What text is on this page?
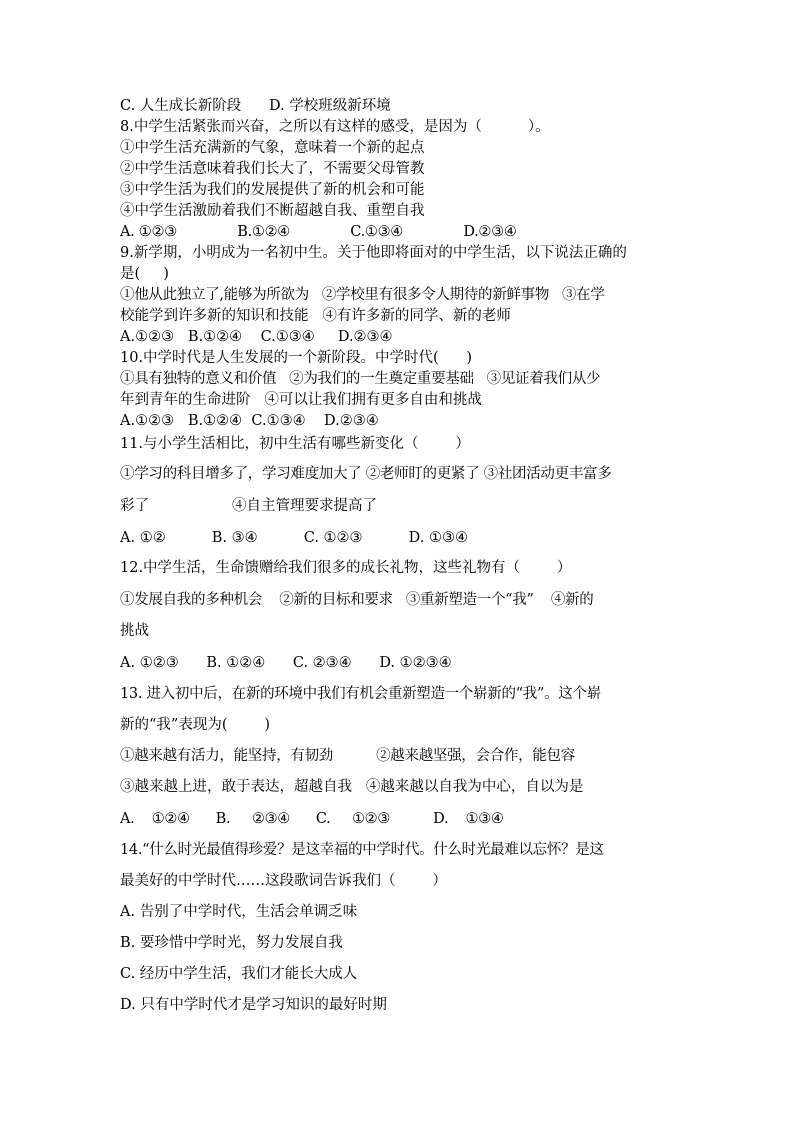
C. 人生成长新阶段      D. 学校班级新环境
8.中学生活紧张而兴奋，之所以有这样的感受，是因为（          ）。
①中学生活充满新的气象，意味着一个新的起点
②中学生活意味着我们长大了，不需要父母管教
③中学生活为我们的发展提供了新的机会和可能
④中学生活激励着我们不断超越自我、重塑自我
A. ①②③              B.①②④              C.①③④              D.②③④
9.新学期，小明成为一名初中生。关于他即将面对的中学生活，以下说法正确的
是(     )
①他从此独立了,能够为所欲为   ②学校里有很多令人期待的新鲜事物   ③在学
校能学到许多新的知识和技能   ④有许多新的同学、新的老师
A.①②③   B.①②④    C.①③④     D.②③④
10.中学时代是人生发展的一个新阶段。中学时代(      )
①具有独特的意义和价值   ②为我们的一生奠定重要基础   ③见证着我们从少
年到青年的生命进阶   ④可以让我们拥有更多自由和挑战
A.①②③   B.①②④  C.①③④    D.②③④
11.与小学生活相比，初中生活有哪些新变化（        ）
①学习的科目增多了，学习难度加大了 ②老师盯的更紧了 ③社团活动更丰富多
彩了                  ④自主管理要求提高了
A. ①②          B. ③④          C. ①②③          D. ①③④
12.中学生活，生命馈赠给我们很多的成长礼物，这些礼物有（        ）
①发展自我的多种机会    ②新的目标和要求   ③重新塑造一个“我”    ④新的
挑战
A. ①②③      B. ①②④      C. ②③④      D. ①②③④
13. 进入初中后，在新的环境中我们有机会重新塑造一个崭新的“我”。这个崭
新的“我”表现为(        )
①越来越有活力，能坚持，有韧劲          ②越来越坚强，会合作，能包容
③越来越上进，敢于表达，超越自我   ④越来越以自我为中心，自以为是
A.    ①②④      B.     ②③④      C.     ①②③          D.    ①③④
14.“什么时光最值得珍爱？是这幸福的中学时代。什么时光最难以忘怀？是这
最美好的中学时代……这段歌词告诉我们（        ）
A. 告别了中学时代，生活会单调乏味
B. 要珍惜中学时光，努力发展自我
C. 经历中学生活，我们才能长大成人
D. 只有中学时代才是学习知识的最好时期
